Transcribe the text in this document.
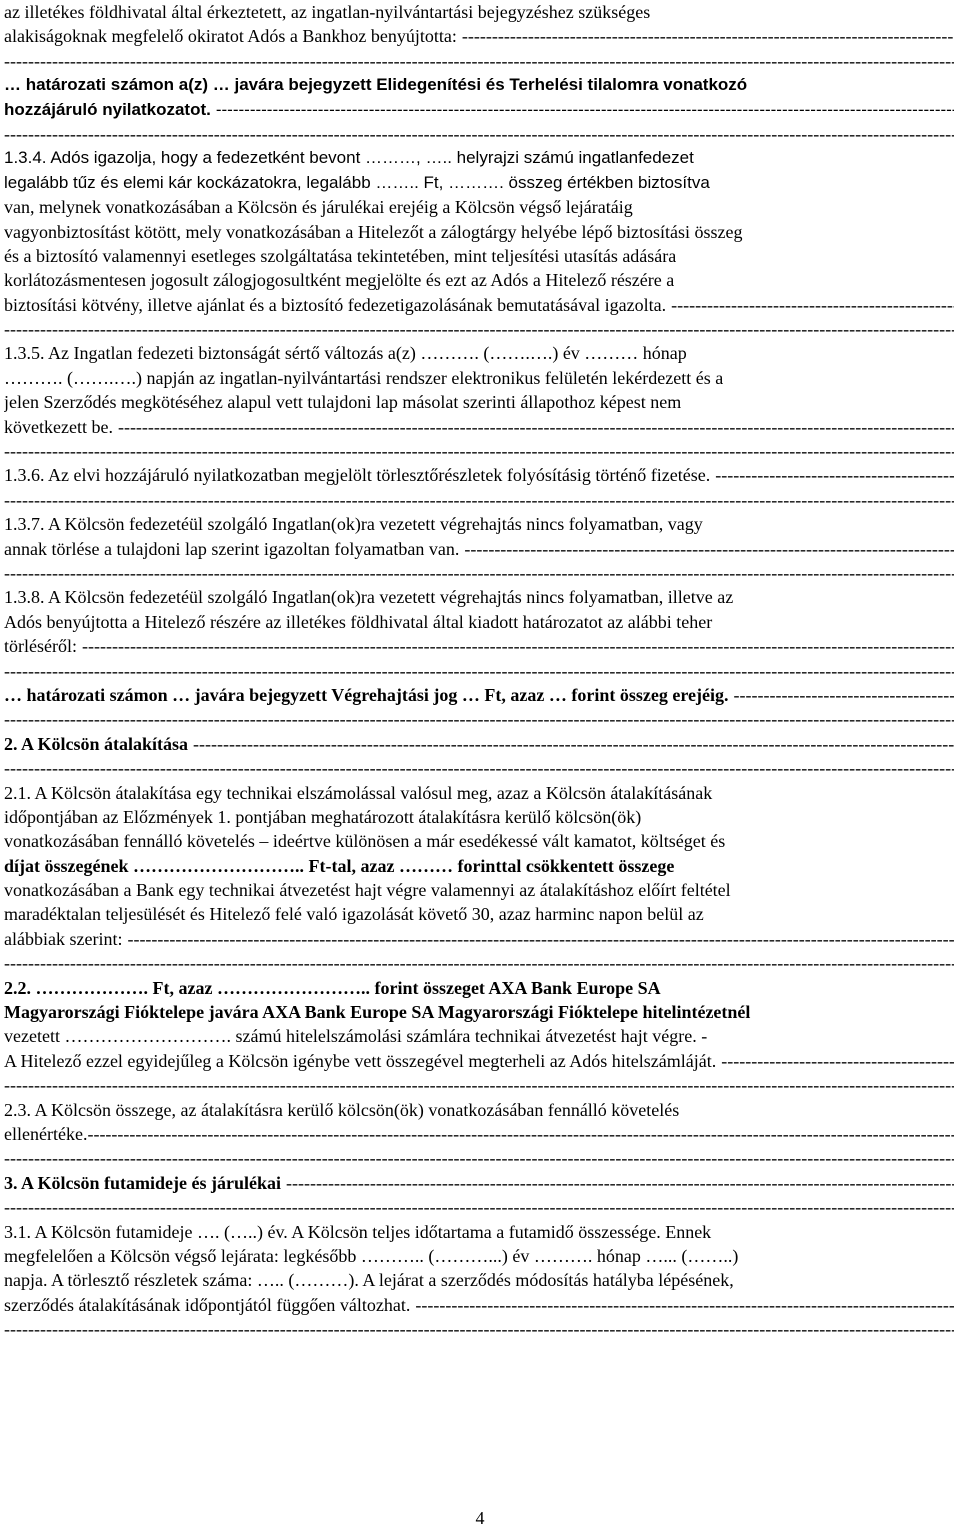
az illetékes földhivatal által érkeztetett, az ingatlan-nyilvántartási bejegyzéshez szükséges
alakiságoknak megfelelő okiratot Adós a Bankhoz benyújtotta:
-----
-----
… határozati számon a(z) … javára bejegyzett Elidegenítési és Terhelési tilalomra vonatkozó
hozzájáruló nyilatkozatot.
-----
-----
1.3.4. Adós igazolja, hogy a fedezetként bevont ………, ….. helyrajzi számú ingatlanfedezet
legalább tűz és elemi kár kockázatokra, legalább …….. Ft, ………. összeg értékben biztosítva
van, melynek vonatkozásában a Kölcsön és járulékai erejéig a Kölcsön végső lejáratáig
vagyonbiztosítást kötött, mely vonatkozásában a Hitelezőt a zálogtárgy helyébe lépő biztosítási összeg
és a biztosító valamennyi esetleges szolgáltatása tekintetében, mint teljesítési utasítás adására
korlátozásmentesen jogosult zálogjogosultként megjelölte és ezt az Adós a Hitelező részére a
biztosítási kötvény, illetve ajánlat és a biztosító fedezetigazolásának bemutatásával igazolta.
-----
-----
1.3.5. Az Ingatlan fedezeti biztonságát sértő változás a(z) ………. (…….….) év ……… hónap
………. (…….….) napján az ingatlan-nyilvántartási rendszer elektronikus felületén lekérdezett és a
jelen Szerződés megkötéséhez alapul vett tulajdoni lap másolat szerinti állapothoz képest nem
következett be.
-----
-----
1.3.6. Az elvi hozzájáruló nyilatkozatban megjelölt törlesztőrészletek folyósításig történő fizetése.
-----
-----
1.3.7. A Kölcsön fedezetéül szolgáló Ingatlan(ok)ra vezetett végrehajtás nincs folyamatban, vagy
annak törlése a tulajdoni lap szerint igazoltan folyamatban van.
-----
-----
1.3.8. A Kölcsön fedezetéül szolgáló Ingatlan(ok)ra vezetett végrehajtás nincs folyamatban, illetve az
Adós benyújtotta a Hitelező részére az illetékes földhivatal által kiadott határozatot az alábbi teher
törléséről:
-----
-----
… határozati számon … javára bejegyzett Végrehajtási jog … Ft, azaz … forint összeg erejéig.
-----
-----
2. A Kölcsön átalakítása
-----
-----
2.1. A Kölcsön átalakítása egy technikai elszámolással valósul meg, azaz a Kölcsön átalakításának
időpontjában az Előzmények 1. pontjában meghatározott átalakításra kerülő kölcsön(ök)
vonatkozásában fennálló követelés – ideértve különösen a már esedékessé vált kamatot, költséget és
díjat összegének ……………………….. Ft-tal, azaz ……… forinttal csökkentett összege
vonatkozásában a Bank egy technikai átvezetést hajt végre valamennyi az átalakításhoz előírt feltétel
maradéktalan teljesülését és Hitelező felé való igazolását követő 30, azaz harminc napon belül az
alábbiak szerint:
-----
-----
2.2. ………………. Ft, azaz …………………….. forint összeget AXA Bank Europe SA
Magyarországi Fióktelepe javára AXA Bank Europe SA Magyarországi Fióktelepe hitelintézetnél
vezetett ………………………. számú hitelelszámolási számlára technikai átvezetést hajt végre. -
A Hitelező ezzel egyidejűleg a Kölcsön igénybe vett összegével megterheli az Adós hitelszámláját.
-----
-----
2.3. A Kölcsön összege, az átalakításra kerülő kölcsön(ök) vonatkozásában fennálló követelés
ellenértéke.
-----
-----
3. A Kölcsön futamideje és járulékai
-----
-----
3.1. A Kölcsön futamideje …. (…..) év. A Kölcsön teljes időtartama a futamidő összessége. Ennek
megfelelően a Kölcsön végső lejárata: legkésőbb ……….. (………...) év ………. hónap …... (……..)
napja. A törlesztő részletek száma: ….. (………). A lejárat a szerződés módosítás hatályba lépésének,
szerződés átalakításának időpontjától függően változhat.
-----
-----
4
